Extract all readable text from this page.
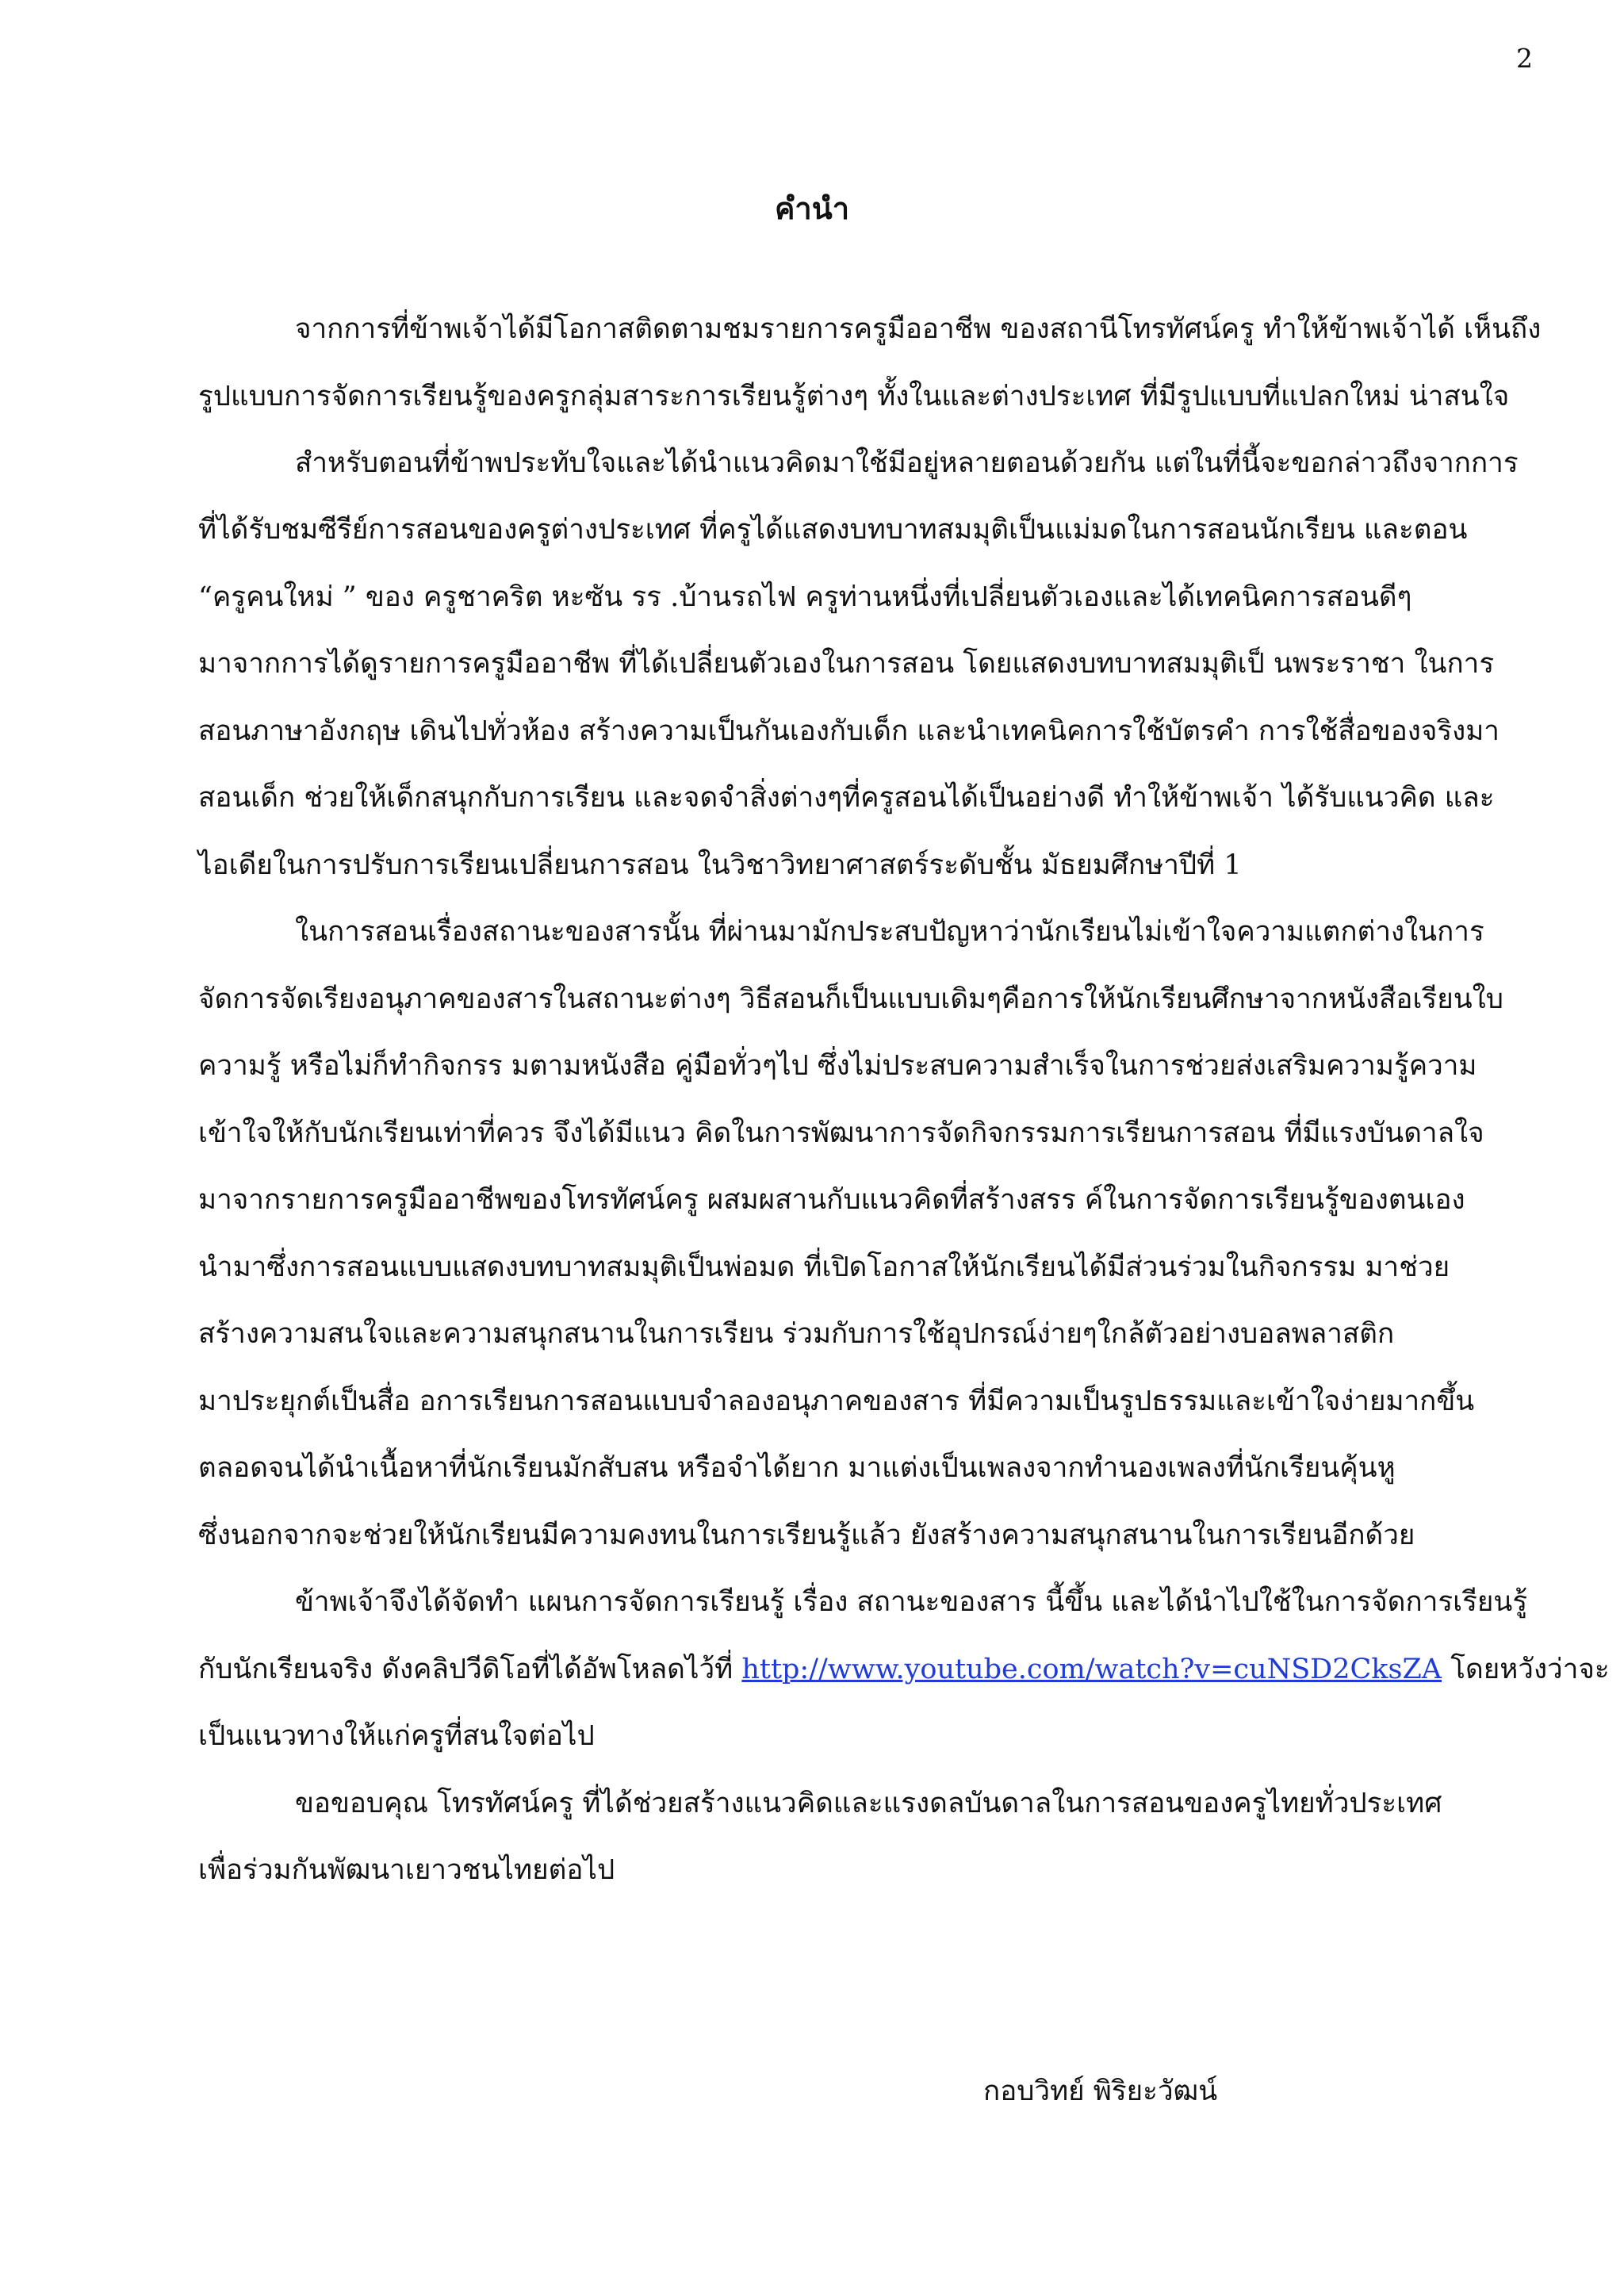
2
คำนำ
จากการที่ข้าพเจ้าได้มีโอกาสติดตามชมรายการครูมืออาชีพ ของสถานีโทรทัศน์ครู ทำให้ข้าพเจ้าได้ เห็นถึง
รูปแบบการจัดการเรียนรู้ของครูกลุ่มสาระการเรียนรู้ต่างๆ ทั้งในและต่างประเทศ ที่มีรูปแบบที่แปลกใหม่ น่าสนใจ
สำหรับตอนที่ข้าพประทับใจและได้นำแนวคิดมาใช้มีอยู่หลายตอนด้วยกัน แต่ในที่นี้จะขอกล่าวถึงจากการ
ที่ได้รับชมซีรีย์การสอนของครูต่างประเทศ ที่ครูได้แสดงบทบาทสมมุติเป็นแม่มดในการสอนนักเรียน และตอน
“ครูคนใหม่ ” ของ ครูชาคริต หะซัน รร .บ้านรถไฟ ครูท่านหนึ่งที่เปลี่ยนตัวเองและได้เทคนิคการสอนดีๆ
มาจากการได้ดูรายการครูมืออาชีพ ที่ได้เปลี่ยนตัวเองในการสอน โดยแสดงบทบาทสมมุติเป็ นพระราชา ในการ
สอนภาษาอังกฤษ เดินไปทั่วห้อง สร้างความเป็นกันเองกับเด็ก และนำเทคนิคการใช้บัตรคำ การใช้สื่อของจริงมา
สอนเด็ก ช่วยให้เด็กสนุกกับการเรียน และจดจำสิ่งต่างๆที่ครูสอนได้เป็นอย่างดี ทำให้ข้าพเจ้า ได้รับแนวคิด และ
ไอเดียในการปรับการเรียนเปลี่ยนการสอน ในวิชาวิทยาศาสตร์ระดับชั้น มัธยมศึกษาปีที่ 1
ในการสอนเรื่องสถานะของสารนั้น ที่ผ่านมามักประสบปัญหาว่านักเรียนไม่เข้าใจความแตกต่างในการ
จัดการจัดเรียงอนุภาคของสารในสถานะต่างๆ วิธีสอนก็เป็นแบบเดิมๆคือการให้นักเรียนศึกษาจากหนังสือเรียนใบ
ความรู้ หรือไม่ก็ทำกิจกรร มตามหนังสือ คู่มือทั่วๆไป ซึ่งไม่ประสบความสำเร็จในการช่วยส่งเสริมความรู้ความ
เข้าใจให้กับนักเรียนเท่าที่ควร จึงได้มีแนว คิดในการพัฒนาการจัดกิจกรรมการเรียนการสอน ที่มีแรงบันดาลใจ
มาจากรายการครูมืออาชีพของโทรทัศน์ครู ผสมผสานกับแนวคิดที่สร้างสรร ค์ในการจัดการเรียนรู้ของตนเอง
นำมาซึ่งการสอนแบบแสดงบทบาทสมมุติเป็นพ่อมด ที่เปิดโอกาสให้นักเรียนได้มีส่วนร่วมในกิจกรรม มาช่วย
สร้างความสนใจและความสนุกสนานในการเรียน ร่วมกับการใช้อุปกรณ์ง่ายๆใกล้ตัวอย่างบอลพลาสติก
มาประยุกต์เป็นสื่อ อการเรียนการสอนแบบจำลองอนุภาคของสาร ที่มีความเป็นรูปธรรมและเข้าใจง่ายมากขึ้น
ตลอดจนได้นำเนื้อหาที่นักเรียนมักสับสน หรือจำได้ยาก มาแต่งเป็นเพลงจากทำนองเพลงที่นักเรียนคุ้นหู
ซึ่งนอกจากจะช่วยให้นักเรียนมีความคงทนในการเรียนรู้แล้ว ยังสร้างความสนุกสนานในการเรียนอีกด้วย
ข้าพเจ้าจึงได้จัดทำ แผนการจัดการเรียนรู้ เรื่อง สถานะของสาร นี้ขึ้น และได้นำไปใช้ในการจัดการเรียนรู้
กับนักเรียนจริง ดังคลิปวีดิโอที่ได้อัพโหลดไว้ที่ http://www.youtube.com/watch?v=cuNSD2CksZA โดยหวังว่าจะ
เป็นแนวทางให้แก่ครูที่สนใจต่อไป
ขอขอบคุณ โทรทัศน์ครู ที่ได้ช่วยสร้างแนวคิดและแรงดลบันดาลในการสอนของครูไทยทั่วประเทศ
เพื่อร่วมกันพัฒนาเยาวชนไทยต่อไป
กอบวิทย์ พิริยะวัฒน์
